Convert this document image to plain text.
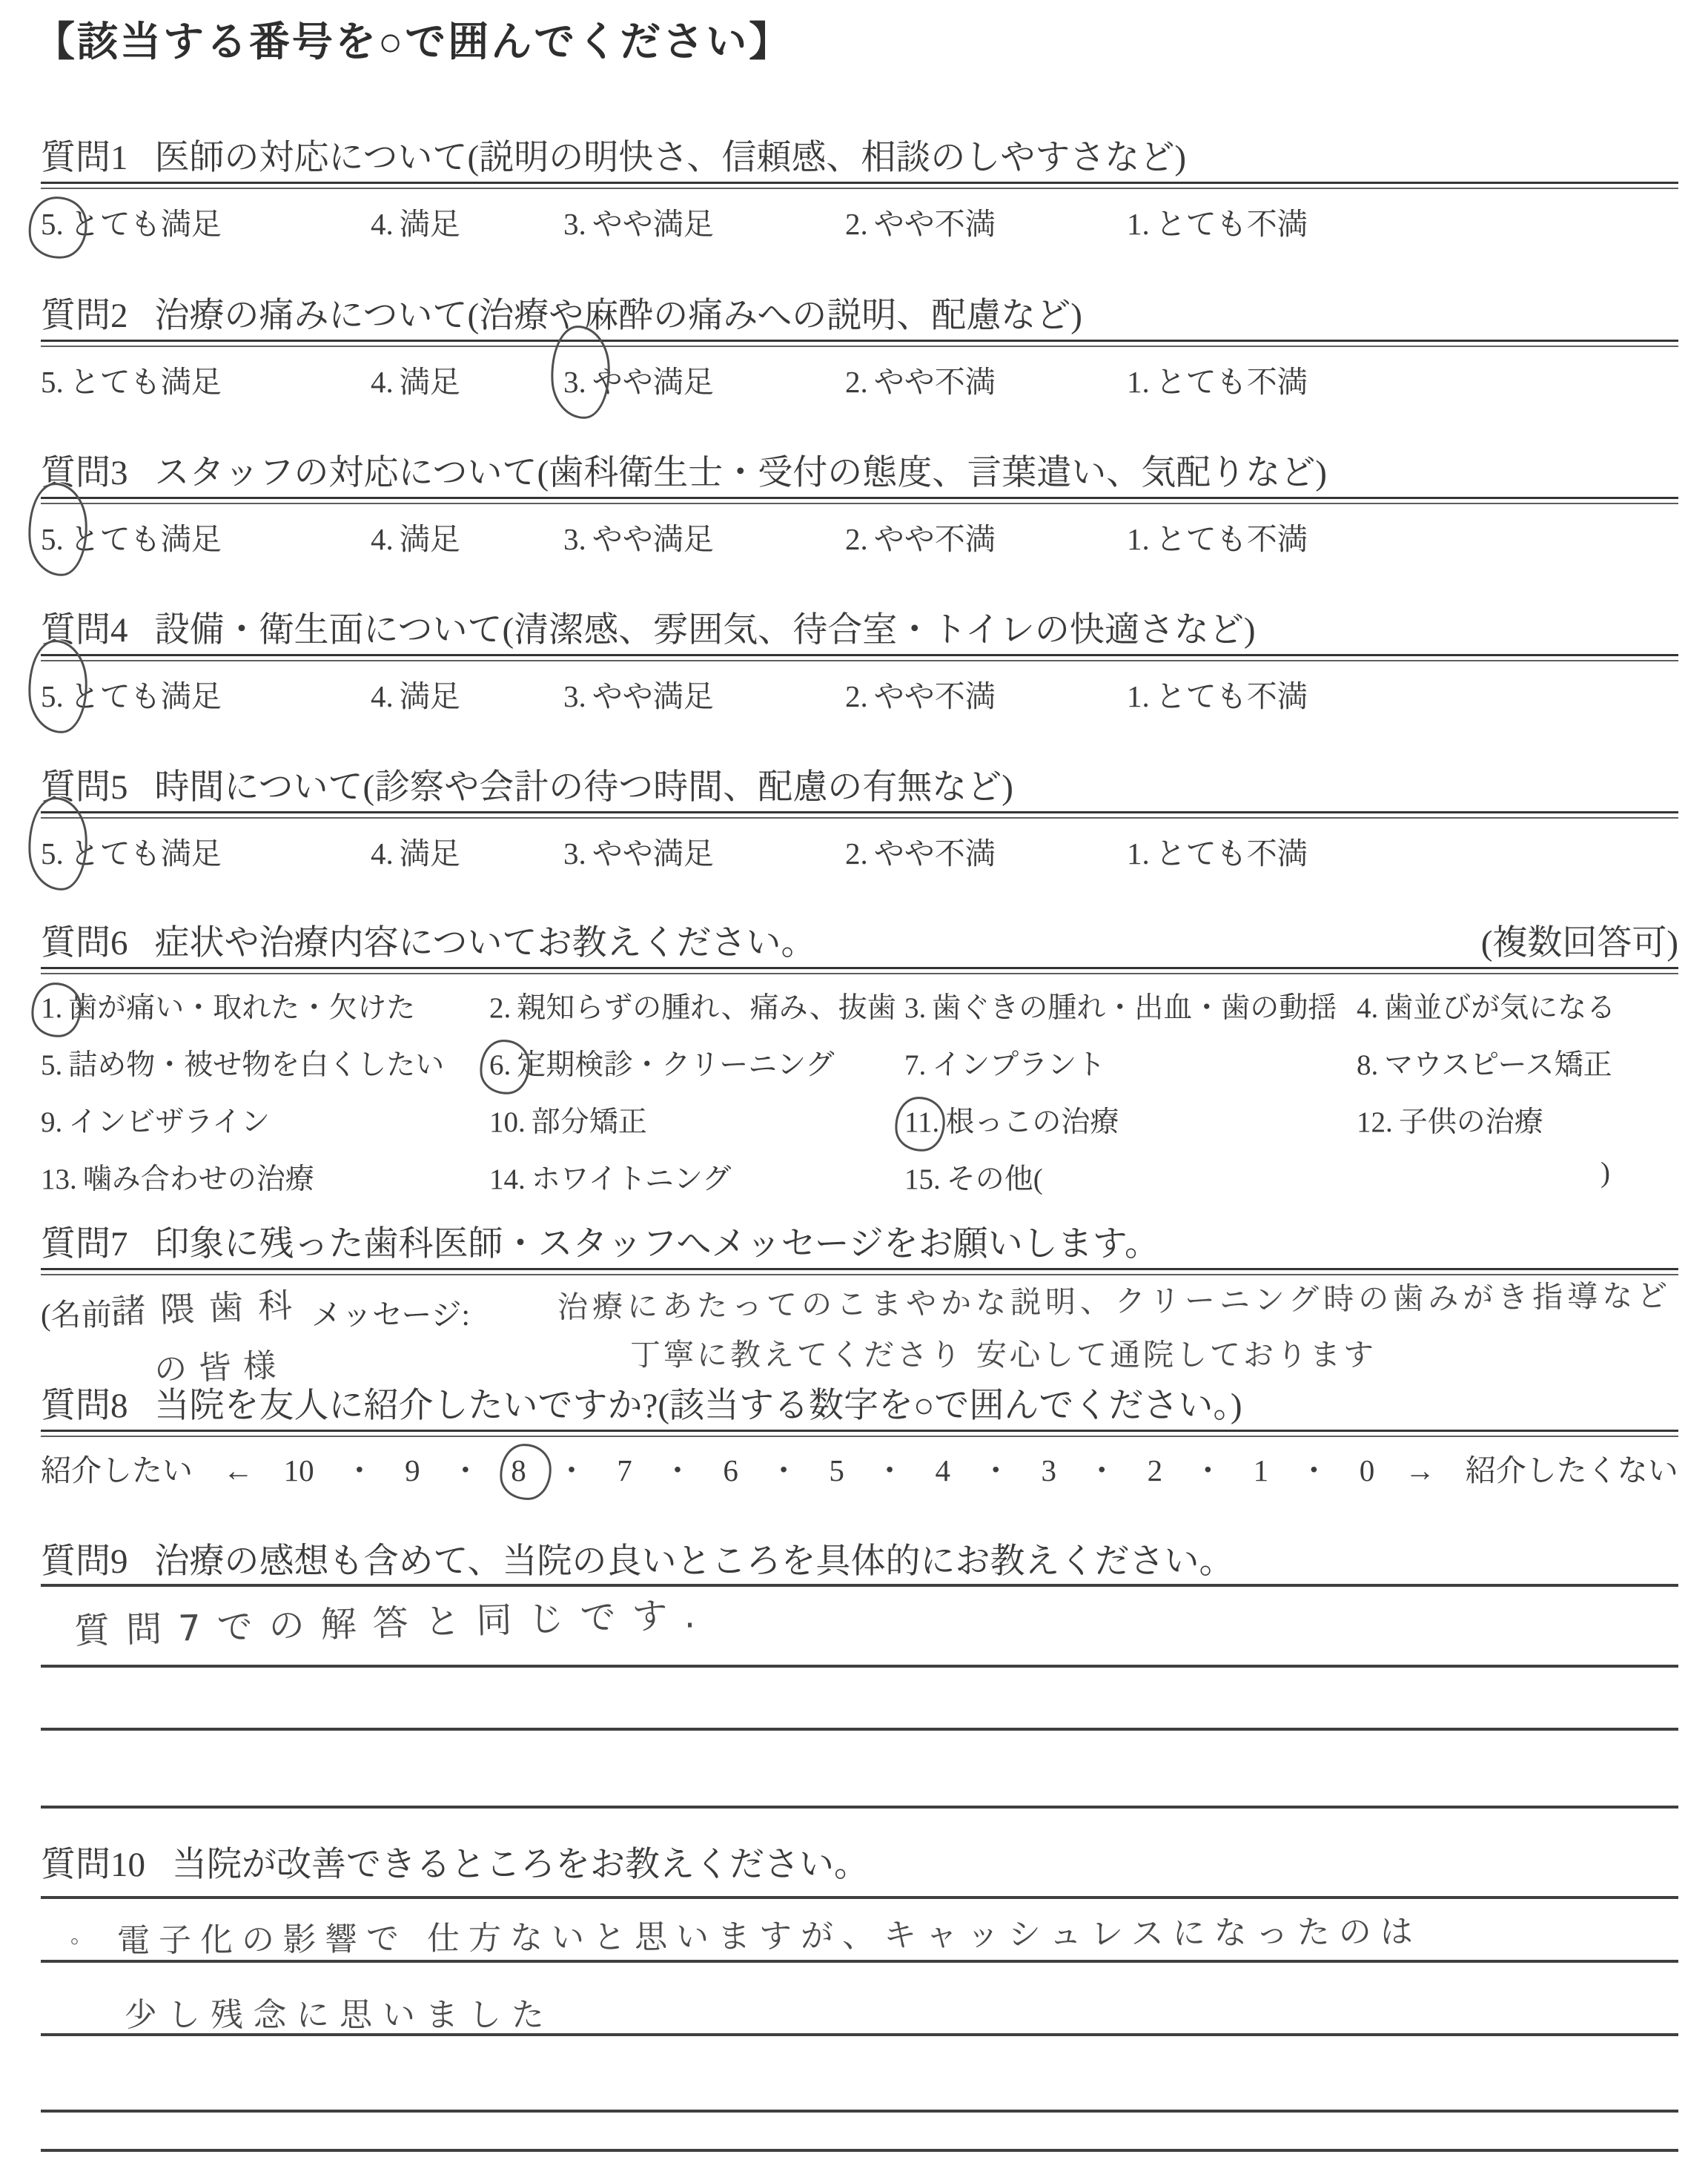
【該当する番号を○で囲んでください】
質問1 医師の対応について(説明の明快さ、信頼感、相談のしやすさなど)
5. とても満足	4. 満足	3. やや満足	2. やや不満	1. とても不満
質問2 治療の痛みについて(治療や麻酔の痛みへの説明、配慮など)
5. とても満足	4. 満足	3. やや満足	2. やや不満	1. とても不満
質問3 スタッフの対応について(歯科衛生士・受付の態度、言葉遣い、気配りなど)
5. とても満足	4. 満足	3. やや満足	2. やや不満	1. とても不満
質問4 設備・衛生面について(清潔感、雰囲気、待合室・トイレの快適さなど)
5. とても満足	4. 満足	3. やや満足	2. やや不満	1. とても不満
質問5 時間について(診察や会計の待つ時間、配慮の有無など)
5. とても満足	4. 満足	3. やや満足	2. やや不満	1. とても不満
質問6 症状や治療内容についてお教えください。	(複数回答可)
1. 歯が痛い・取れた・欠けた	2. 親知らずの腫れ、痛み、抜歯 3. 歯ぐきの腫れ・出血・歯の動揺 4. 歯並びが気になる
5. 詰め物・被せ物を白くしたい	6. 定期検診・クリーニング	7. インプラント	8. マウスピース矯正
9. インビザライン	10. 部分矯正	11. 根っこの治療	12. 子供の治療
13. 噛み合わせの治療	14. ホワイトニング	15. その他(	)
質問7 印象に残った歯科医師・スタッフへメッセージをお願いします。
(名前:
諸隈歯科
の皆様
メッセージ:	治療にあたってのこまやかな説明、クリーニング時の歯みがき指導など
丁寧に教えてくださり 安心して通院しております
質問8 当院を友人に紹介したいですか?(該当する数字を○で囲んでください。)
紹介したい ← 10 ・ 9 ・ 8 ・ 7 ・ 6 ・ 5 ・ 4 ・ 3 ・ 2 ・ 1 ・ 0 → 紹介したくない
質問9 治療の感想も含めて、当院の良いところを具体的にお教えください。
質問7での解答と同じです.
質問10 当院が改善できるところをお教えください。
。 電子化の影響で 仕方ないと思いますが、キャッシュレスになったのは
少し残念に思いました
